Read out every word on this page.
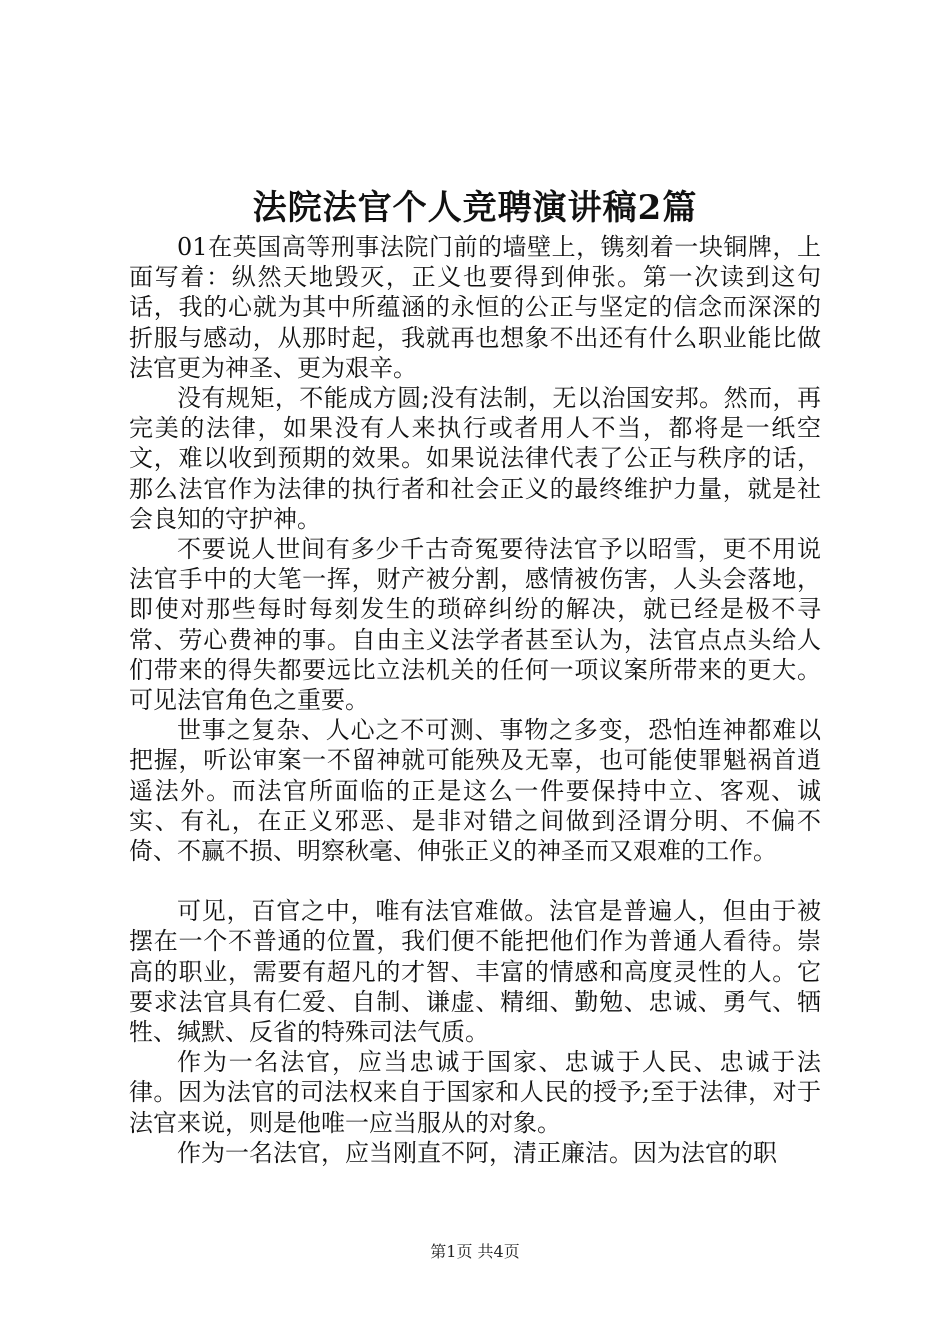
法院法官个人竞聘演讲稿2篇

01在英国高等刑事法院门前的墙壁上，镌刻着一块铜牌，上面写着：纵然天地毁灭，正义也要得到伸张。第一次读到这句话，我的心就为其中所蕴涵的永恒的公正与坚定的信念而深深的折服与感动，从那时起，我就再也想象不出还有什么职业能比做法官更为神圣、更为艰辛。

没有规矩，不能成方圆;没有法制，无以治国安邦。然而，再完美的法律，如果没有人来执行或者用人不当，都将是一纸空文，难以收到预期的效果。如果说法律代表了公正与秩序的话，那么法官作为法律的执行者和社会正义的最终维护力量，就是社会良知的守护神。

不要说人世间有多少千古奇冤要待法官予以昭雪，更不用说法官手中的大笔一挥，财产被分割，感情被伤害，人头会落地，即使对那些每时每刻发生的琐碎纠纷的解决，就已经是极不寻常、劳心费神的事。自由主义法学者甚至认为，法官点点头给人们带来的得失都要远比立法机关的任何一项议案所带来的更大。可见法官角色之重要。

世事之复杂、人心之不可测、事物之多变，恐怕连神都难以把握，听讼审案一不留神就可能殃及无辜，也可能使罪魁祸首逍遥法外。而法官所面临的正是这么一件要保持中立、客观、诚实、有礼，在正义邪恶、是非对错之间做到泾谓分明、不偏不倚、不赢不损、明察秋毫、伸张正义的神圣而又艰难的工作。

可见，百官之中，唯有法官难做。法官是普遍人，但由于被摆在一个不普通的位置，我们便不能把他们作为普通人看待。崇高的职业，需要有超凡的才智、丰富的情感和高度灵性的人。它要求法官具有仁爱、自制、谦虚、精细、勤勉、忠诚、勇气、牺牲、缄默、反省的特殊司法气质。

作为一名法官，应当忠诚于国家、忠诚于人民、忠诚于法律。因为法官的司法权来自于国家和人民的授予;至于法律，对于法官来说，则是他唯一应当服从的对象。

作为一名法官，应当刚直不阿，清正廉洁。因为法官的职

第1页 共4页
